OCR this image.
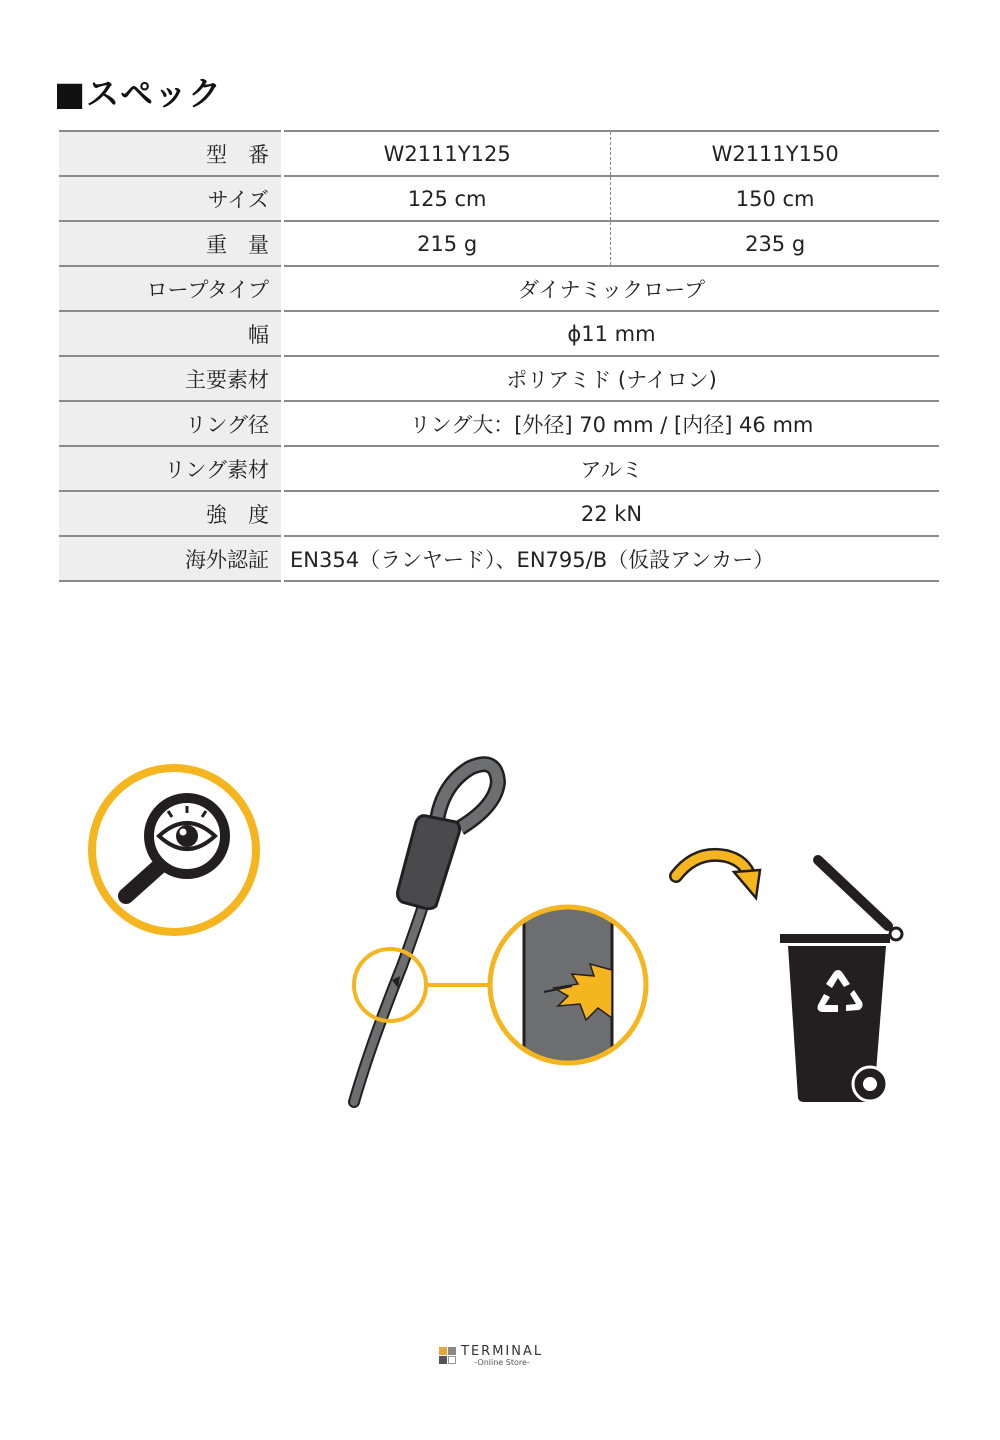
■スペック
型　番	W2111Y125	W2111Y150
サイズ	125 cm	150 cm
重　量	215 g	235 g
ロープタイプ	ダイナミックロープ	
幅	ϕ11 mm	
主要素材	ポリアミド (ナイロン)	
リング径	リング大：[外径] 70 mm / [内径] 46 mm	
リング素材	アルミ	
強　度	22 kN	
海外認証	EN354（ランヤード）、EN795/B（仮設アンカー）	
TERMINAL
-Online Store-
